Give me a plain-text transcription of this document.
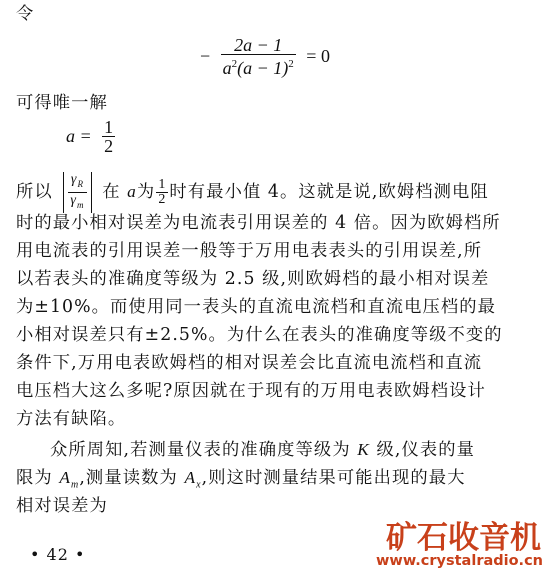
令
− $\frac{2a - 1}{a^2(a - 1)^2} = 0$
可得唯一解
$a = \frac{1}{2}$
所以 $\frac{\gamma_R}{\gamma_m}$ 在 a为 $\frac{1}{2}$ 时有最小值 4。这就是说,欧姆档测电阻
时的最小相对误差为电流表引用误差的 4 倍。因为欧姆档所
用电流表的引用误差一般等于万用电表表头的引用误差,所
以若表头的准确度等级为 2.5 级,则欧姆档的最小相对误差
为±10%。而使用同一表头的直流电流档和直流电压档的最
小相对误差只有±2.5%。为什么在表头的准确度等级不变的
条件下,万用电表欧姆档的相对误差会比直流电流档和直流
电压档大这么多呢?原因就在于现有的万用电表欧姆档设计
方法有缺陷。
众所周知,若测量仪表的准确度等级为 K 级,仪表的量
限为 $A_m$,测量读数为 $A_x$,则这时测量结果可能出现的最大
相对误差为
• 42 •	矿石收音机
www.crystalradio.cn
